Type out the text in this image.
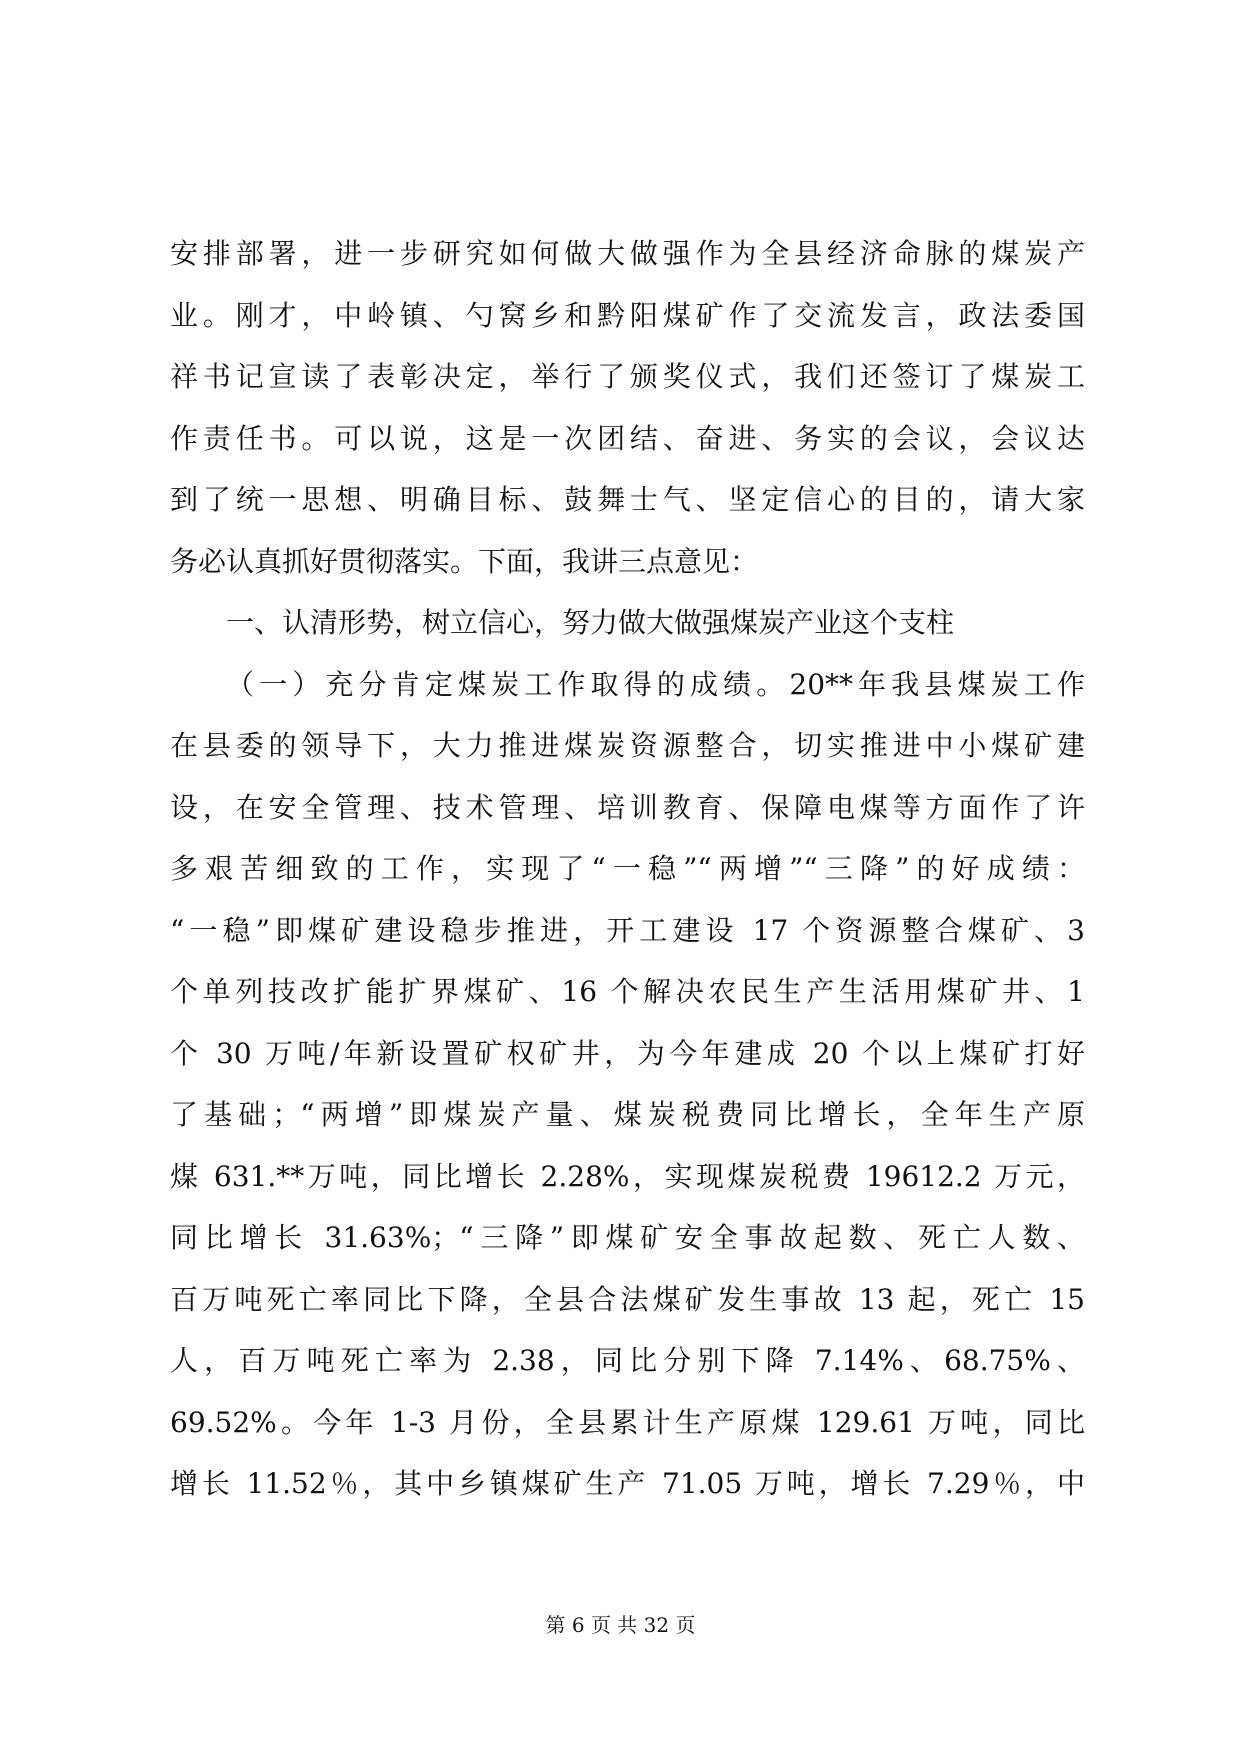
安排部署，进一步研究如何做大做强作为全县经济命脉的煤炭产
业。刚才，中岭镇、勺窝乡和黔阳煤矿作了交流发言，政法委国
祥书记宣读了表彰决定，举行了颁奖仪式，我们还签订了煤炭工
作责任书。可以说，这是一次团结、奋进、务实的会议，会议达
到了统一思想、明确目标、鼓舞士气、坚定信心的目的，请大家
务必认真抓好贯彻落实。下面，我讲三点意见：
一、认清形势，树立信心，努力做大做强煤炭产业这个支柱
（一）充分肯定煤炭工作取得的成绩。20**年我县煤炭工作
在县委的领导下，大力推进煤炭资源整合，切实推进中小煤矿建
设，在安全管理、技术管理、培训教育、保障电煤等方面作了许
多艰苦细致的工作，实现了“一稳”“两增”“三降”的好成绩：
“一稳”即煤矿建设稳步推进，开工建设 17 个资源整合煤矿、3
个单列技改扩能扩界煤矿、16 个解决农民生产生活用煤矿井、1
个 30 万吨/年新设置矿权矿井，为今年建成 20 个以上煤矿打好
了基础；“两增”即煤炭产量、煤炭税费同比增长，全年生产原
煤 631.**万吨，同比增长 2.28%，实现煤炭税费 19612.2 万元，
同比增长 31.63%；“三降”即煤矿安全事故起数、死亡人数、
百万吨死亡率同比下降，全县合法煤矿发生事故 13 起，死亡 15
人，百万吨死亡率为 2.38，同比分别下降 7.14%、68.75%、
69.52%。今年 1-3 月份，全县累计生产原煤 129.61 万吨，同比
增长 11.52％，其中乡镇煤矿生产 71.05 万吨，增长 7.29％，中
第 6 页 共 32 页
